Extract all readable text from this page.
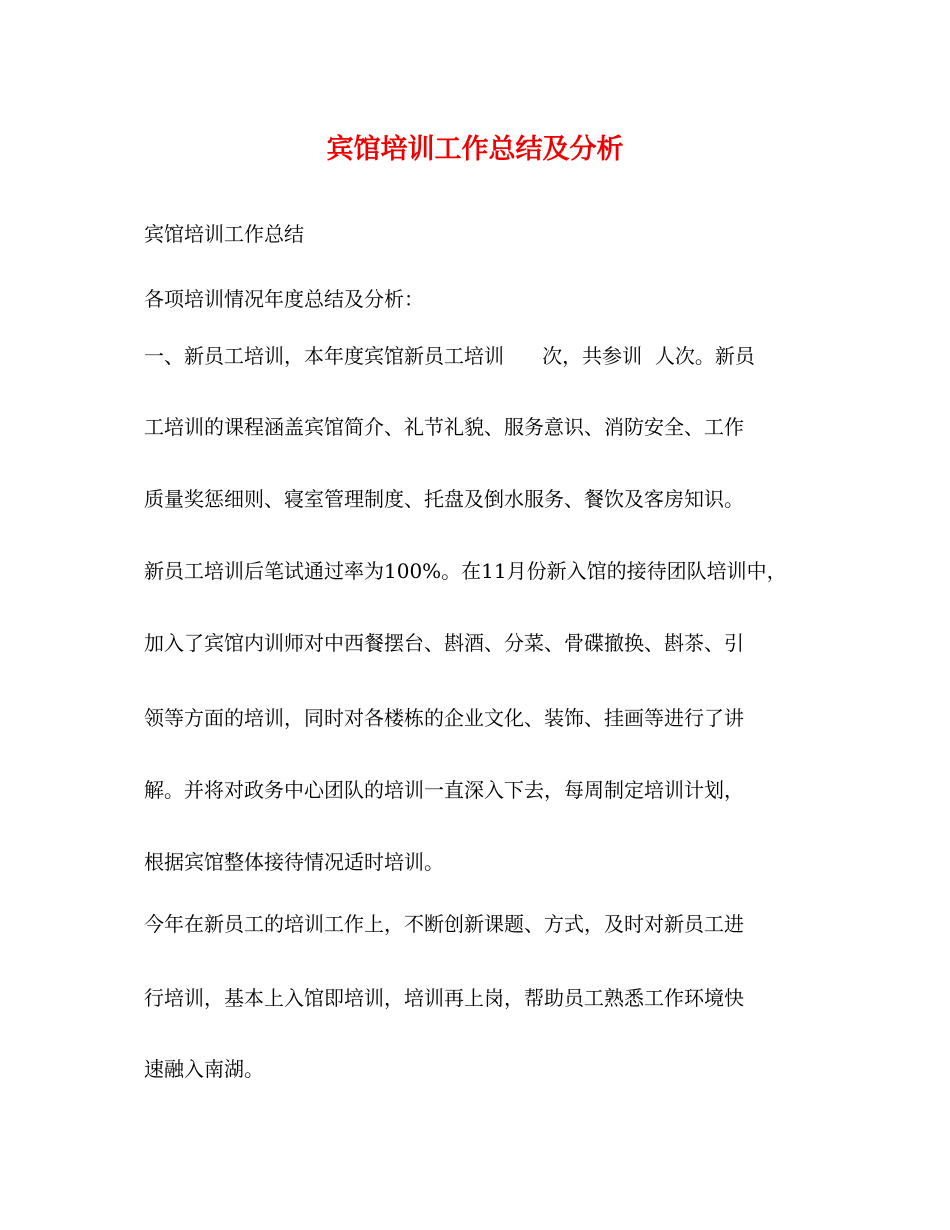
宾馆培训工作总结及分析
宾馆培训工作总结
各项培训情况年度总结及分析：
一、新员工培训，本年度宾馆新员工培训      次，共参训  人次。新员
工培训的课程涵盖宾馆简介、礼节礼貌、服务意识、消防安全、工作
质量奖惩细则、寝室管理制度、托盘及倒水服务、餐饮及客房知识。
新员工培训后笔试通过率为100%。在11月份新入馆的接待团队培训中，
加入了宾馆内训师对中西餐摆台、斟酒、分菜、骨碟撤换、斟茶、引
领等方面的培训，同时对各楼栋的企业文化、装饰、挂画等进行了讲
解。并将对政务中心团队的培训一直深入下去，每周制定培训计划，
根据宾馆整体接待情况适时培训。
今年在新员工的培训工作上，不断创新课题、方式，及时对新员工进
行培训，基本上入馆即培训，培训再上岗，帮助员工熟悉工作环境快
速融入南湖。
